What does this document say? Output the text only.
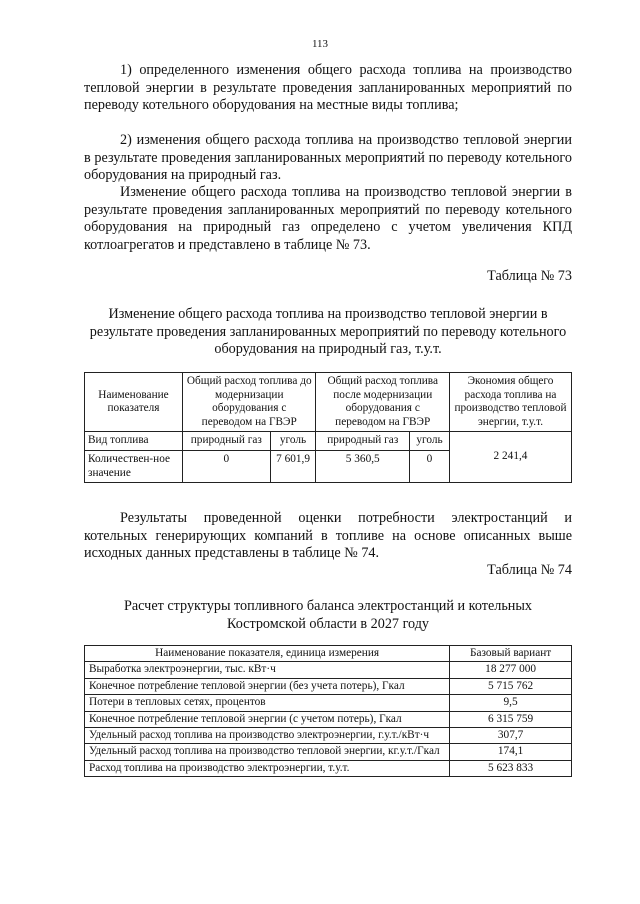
113

1) определенного изменения общего расхода топлива на производство тепловой энергии в результате проведения запланированных мероприятий по переводу котельного оборудования на местные виды топлива;

2) изменения общего расхода топлива на производство тепловой энергии в результате проведения запланированных мероприятий по переводу котельного оборудования на природный газ.

Изменение общего расхода топлива на производство тепловой энергии в результате проведения запланированных мероприятий по переводу котельного оборудования на природный газ определено с учетом увеличения КПД котлоагрегатов и представлено в таблице № 73.

Таблица № 73
Изменение общего расхода топлива на производство тепловой энергии в результате проведения запланированных мероприятий по переводу котельного оборудования на природный газ, т.у.т.
Наименование показателя	Общий расход топлива до модернизации оборудования с переводом на ГВЭР		Общий расход топлива после модернизации оборудования с переводом на ГВЭР		Экономия общего расхода топлива на производство тепловой энергии, т.у.т.
Вид топлива	природный газ	уголь	природный газ	уголь	2 241,4
Количествен-ное значение	0	7 601,9	5 360,5	0	

Результаты проведенной оценки потребности электростанций и котельных генерирующих компаний в топливе на основе описанных выше исходных данных представлены в таблице № 74.

Таблица № 74
Расчет структуры топливного баланса электростанций и котельных Костромской области в 2027 году
Наименование показателя, единица измерения	Базовый вариант
Выработка электроэнергии, тыс. кВт·ч	18 277 000
Конечное потребление тепловой энергии (без учета потерь), Гкал	5 715 762
Потери в тепловых сетях, процентов	9,5
Конечное потребление тепловой энергии (с учетом потерь), Гкал	6 315 759
Удельный расход топлива на производство электроэнергии, г.у.т./кВт·ч	307,7
Удельный расход топлива на производство тепловой энергии, кг.у.т./Гкал	174,1
Расход топлива на производство электроэнергии, т.у.т.	5 623 833
